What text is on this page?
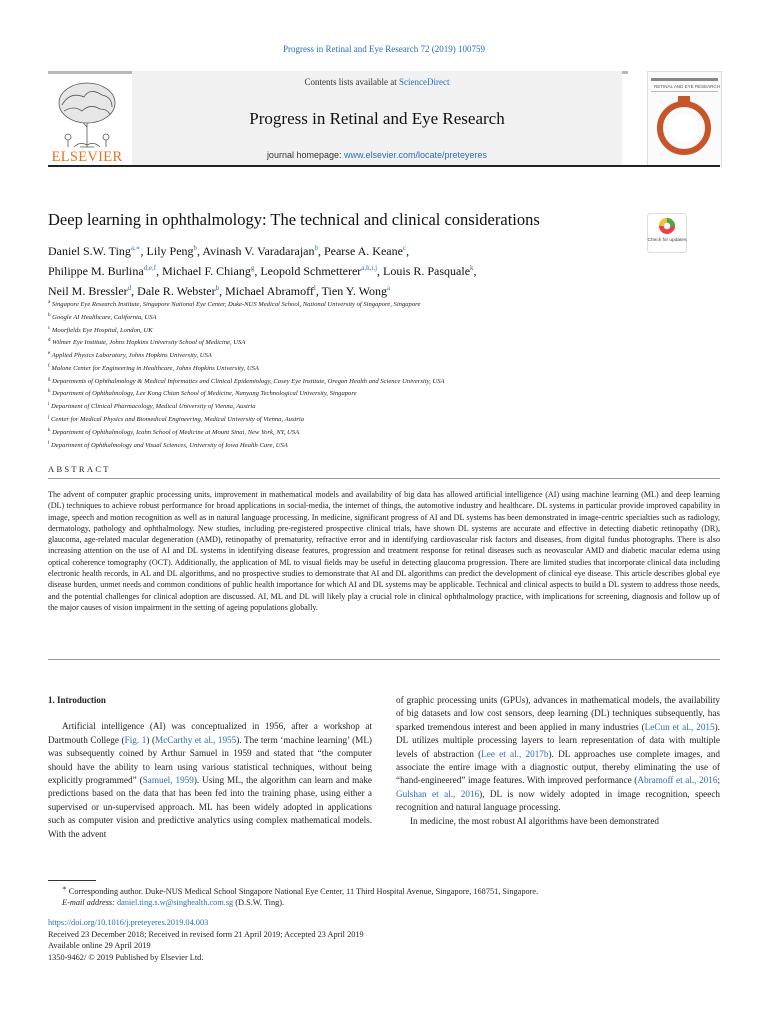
Progress in Retinal and Eye Research 72 (2019) 100759
ELSEVIER
Contents lists available at ScienceDirect
Progress in Retinal and Eye Research
journal homepage: www.elsevier.com/locate/preteyeres
RETINAL AND EYE RESEARCH
Deep learning in ophthalmology: The technical and clinical considerations
Check for updates
Daniel S.W. Ting$^{a,∗}$, Lily Peng$^b$, Avinash V. Varadarajan$^b$, Pearse A. Keane$^c$,
Philippe M. Burlina$^{d,e,f}$, Michael F. Chiang$^g$, Leopold Schmetterer$^{a,h,i,j}$, Louis R. Pasquale$^k$,
Neil M. Bressler$^d$, Dale R. Webster$^b$, Michael Abramoff$^l$, Tien Y. Wong$^a$
$^a$ Singapore Eye Research Institute, Singapore National Eye Center, Duke-NUS Medical School, National University of Singapore, Singapore
$^b$ Google AI Healthcare, California, USA
$^c$ Moorfields Eye Hospital, London, UK
$^d$ Wilmer Eye Institute, Johns Hopkins University School of Medicine, USA
$^e$ Applied Physics Laboratory, Johns Hopkins University, USA
$^f$ Malone Center for Engineering in Healthcare, Johns Hopkins University, USA
$^g$ Departments of Ophthalmology & Medical Informatics and Clinical Epidemiology, Casey Eye Institute, Oregon Health and Science University, USA
$^h$ Department of Ophthalmology, Lee Kong Chian School of Medicine, Nanyang Technological University, Singapore
$^i$ Department of Clinical Pharmacology, Medical University of Vienna, Austria
$^j$ Center for Medical Physics and Biomedical Engineering, Medical University of Vienna, Austria
$^k$ Department of Ophthalmology, Icahn School of Medicine at Mount Sinai, New York, NY, USA
$^l$ Department of Ophthalmology and Visual Sciences, University of Iowa Health Care, USA
ABSTRACT
The advent of computer graphic processing units, improvement in mathematical models and availability of big data has allowed artificial intelligence (AI) using machine learning (ML) and deep learning (DL) techniques to achieve robust performance for broad applications in social-media, the internet of things, the automotive industry and healthcare. DL systems in particular provide improved capability in image, speech and motion recognition as well as in natural language processing. In medicine, significant progress of AI and DL systems has been demonstrated in image-centric specialties such as radiology, dermatology, pathology and ophthalmology. New studies, including pre-registered prospective clinical trials, have shown DL systems are accurate and effective in detecting diabetic retinopathy (DR), glaucoma, age-related macular degeneration (AMD), retinopathy of prematurity, refractive error and in identifying cardiovascular risk factors and diseases, from digital fundus photographs. There is also increasing attention on the use of AI and DL systems in identifying disease features, progression and treatment response for retinal diseases such as neovascular AMD and diabetic macular edema using optical coherence tomography (OCT). Additionally, the application of ML to visual fields may be useful in detecting glaucoma progression. There are limited studies that incorporate clinical data including electronic health records, in AL and DL algorithms, and no prospective studies to demonstrate that AI and DL algorithms can predict the development of clinical eye disease. This article describes global eye disease burden, unmet needs and common conditions of public health importance for which AI and DL systems may be applicable. Technical and clinical aspects to build a DL system to address those needs, and the potential challenges for clinical adoption are discussed. AI, ML and DL will likely play a crucial role in clinical ophthalmology practice, with implications for screening, diagnosis and follow up of the major causes of vision impairment in the setting of ageing populations globally.
1. Introduction

Artificial intelligence (AI) was conceptualized in 1956, after a workshop at Dartmouth College (Fig. 1) (McCarthy et al., 1955). The term ‘machine learning’ (ML) was subsequently coined by Arthur Samuel in 1959 and stated that “the computer should have the ability to learn using various statistical techniques, without being explicitly programmed” (Samuel, 1959). Using ML, the algorithm can learn and make predictions based on the data that has been fed into the training phase, using either a supervised or un-supervised approach. ML has been widely adopted in applications such as computer vision and predictive analytics using complex mathematical models. With the advent

of graphic processing units (GPUs), advances in mathematical models, the availability of big datasets and low cost sensors, deep learning (DL) techniques subsequently, has sparked tremendous interest and been applied in many industries (LeCun et al., 2015). DL utilizes multiple processing layers to learn representation of data with multiple levels of abstraction (Lee et al., 2017b). DL approaches use complete images, and associate the entire image with a diagnostic output, thereby eliminating the use of “hand-engineered” image features. With improved performance (Abramoff et al., 2016; Gulshan et al., 2016), DL is now widely adopted in image recognition, speech recognition and natural language processing.

In medicine, the most robust AI algorithms have been demonstrated

∗ Corresponding author. Duke-NUS Medical School Singapore National Eye Center, 11 Third Hospital Avenue, Singapore, 168751, Singapore.
E-mail address: daniel.ting.s.w@singhealth.com.sg (D.S.W. Ting).
https://doi.org/10.1016/j.preteyeres.2019.04.003
Received 23 December 2018; Received in revised form 21 April 2019; Accepted 23 April 2019
Available online 29 April 2019
1350-9462/ © 2019 Published by Elsevier Ltd.
